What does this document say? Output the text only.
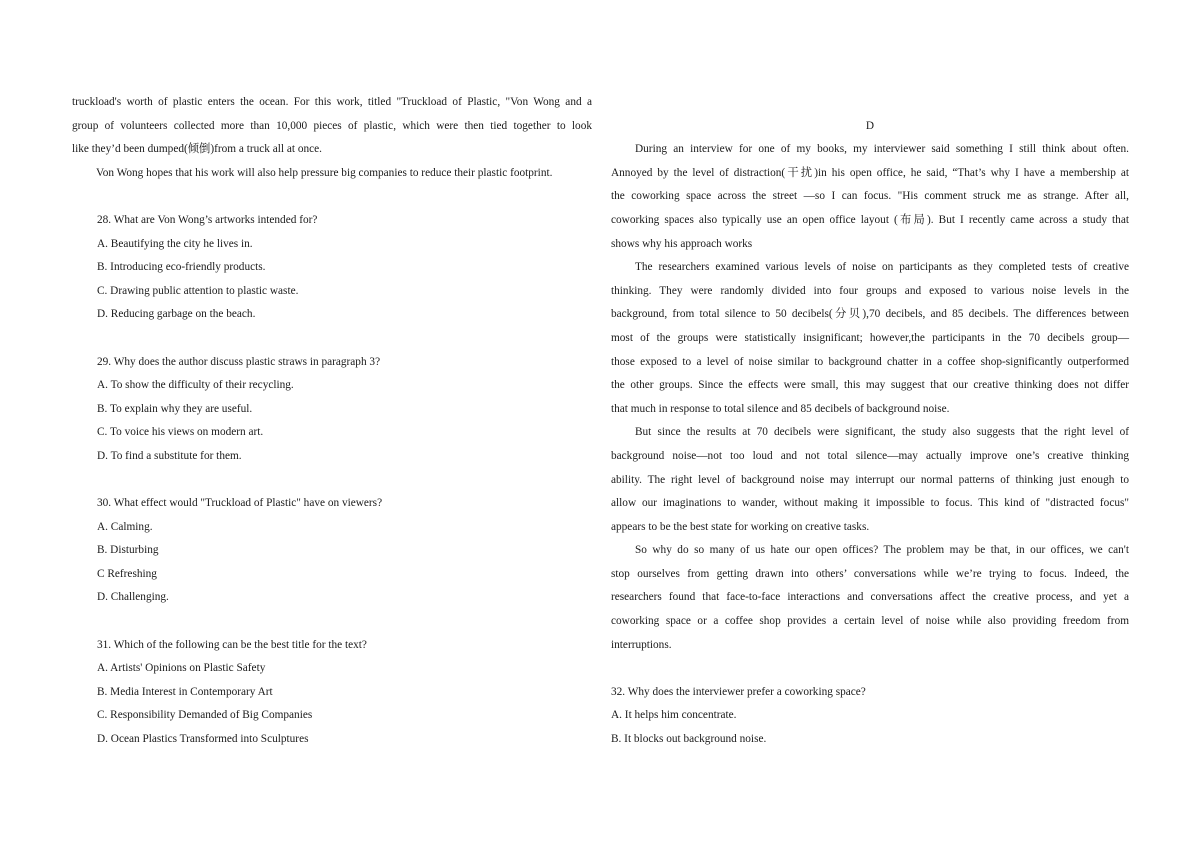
truckload's worth of plastic enters the ocean. For this work, titled "Truckload of Plastic, "Von Wong and a
group of volunteers collected more than 10,000 pieces of plastic, which were then tied together to look
like they’d been dumped(倾倒)from a truck all at once.
Von Wong hopes that his work will also help pressure big companies to reduce their plastic footprint.
28. What are Von Wong’s artworks intended for?
A. Beautifying the city he lives in.
B. Introducing eco-friendly products.
C. Drawing public attention to plastic waste.
D. Reducing garbage on the beach.
29. Why does the author discuss plastic straws in paragraph 3?
A. To show the difficulty of their recycling.
B. To explain why they are useful.
C. To voice his views on modern art.
D. To find a substitute for them.
30. What effect would "Truckload of Plastic" have on viewers?
A. Calming.
B. Disturbing
C Refreshing
D. Challenging.
31. Which of the following can be the best title for the text?
A. Artists' Opinions on Plastic Safety
B. Media Interest in Contemporary Art
C. Responsibility Demanded of Big Companies
D. Ocean Plastics Transformed into Sculptures
D
During an interview for one of my books, my interviewer said something I still think about often.
Annoyed by the level of distraction(干扰)in his open office, he said, “That’s why I have a membership at
the coworking space across the street —so I can focus. "His comment struck me as strange. After all,
coworking spaces also typically use an open office layout (布局). But I recently came across a study that
shows why his approach works
The researchers examined various levels of noise on participants as they completed tests of creative
thinking. They were randomly divided into four groups and exposed to various noise levels in the
background, from total silence to 50 decibels(分贝),70 decibels, and 85 decibels. The differences between
most of the groups were statistically insignificant; however,the participants in the 70 decibels group—
those exposed to a level of noise similar to background chatter in a coffee shop-significantly outperformed
the other groups. Since the effects were small, this may suggest that our creative thinking does not differ
that much in response to total silence and 85 decibels of background noise.
But since the results at 70 decibels were significant, the study also suggests that the right level of
background noise—not too loud and not total silence—may actually improve one’s creative thinking
ability. The right level of background noise may interrupt our normal patterns of thinking just enough to
allow our imaginations to wander, without making it impossible to focus. This kind of "distracted focus"
appears to be the best state for working on creative tasks.
So why do so many of us hate our open offices? The problem may be that, in our offices, we can't
stop ourselves from getting drawn into others’ conversations while we’re trying to focus. Indeed, the
researchers found that face-to-face interactions and conversations affect the creative process, and yet a
coworking space or a coffee shop provides a certain level of noise while also providing freedom from
interruptions.
32. Why does the interviewer prefer a coworking space?
A. It helps him concentrate.
B. It blocks out background noise.
